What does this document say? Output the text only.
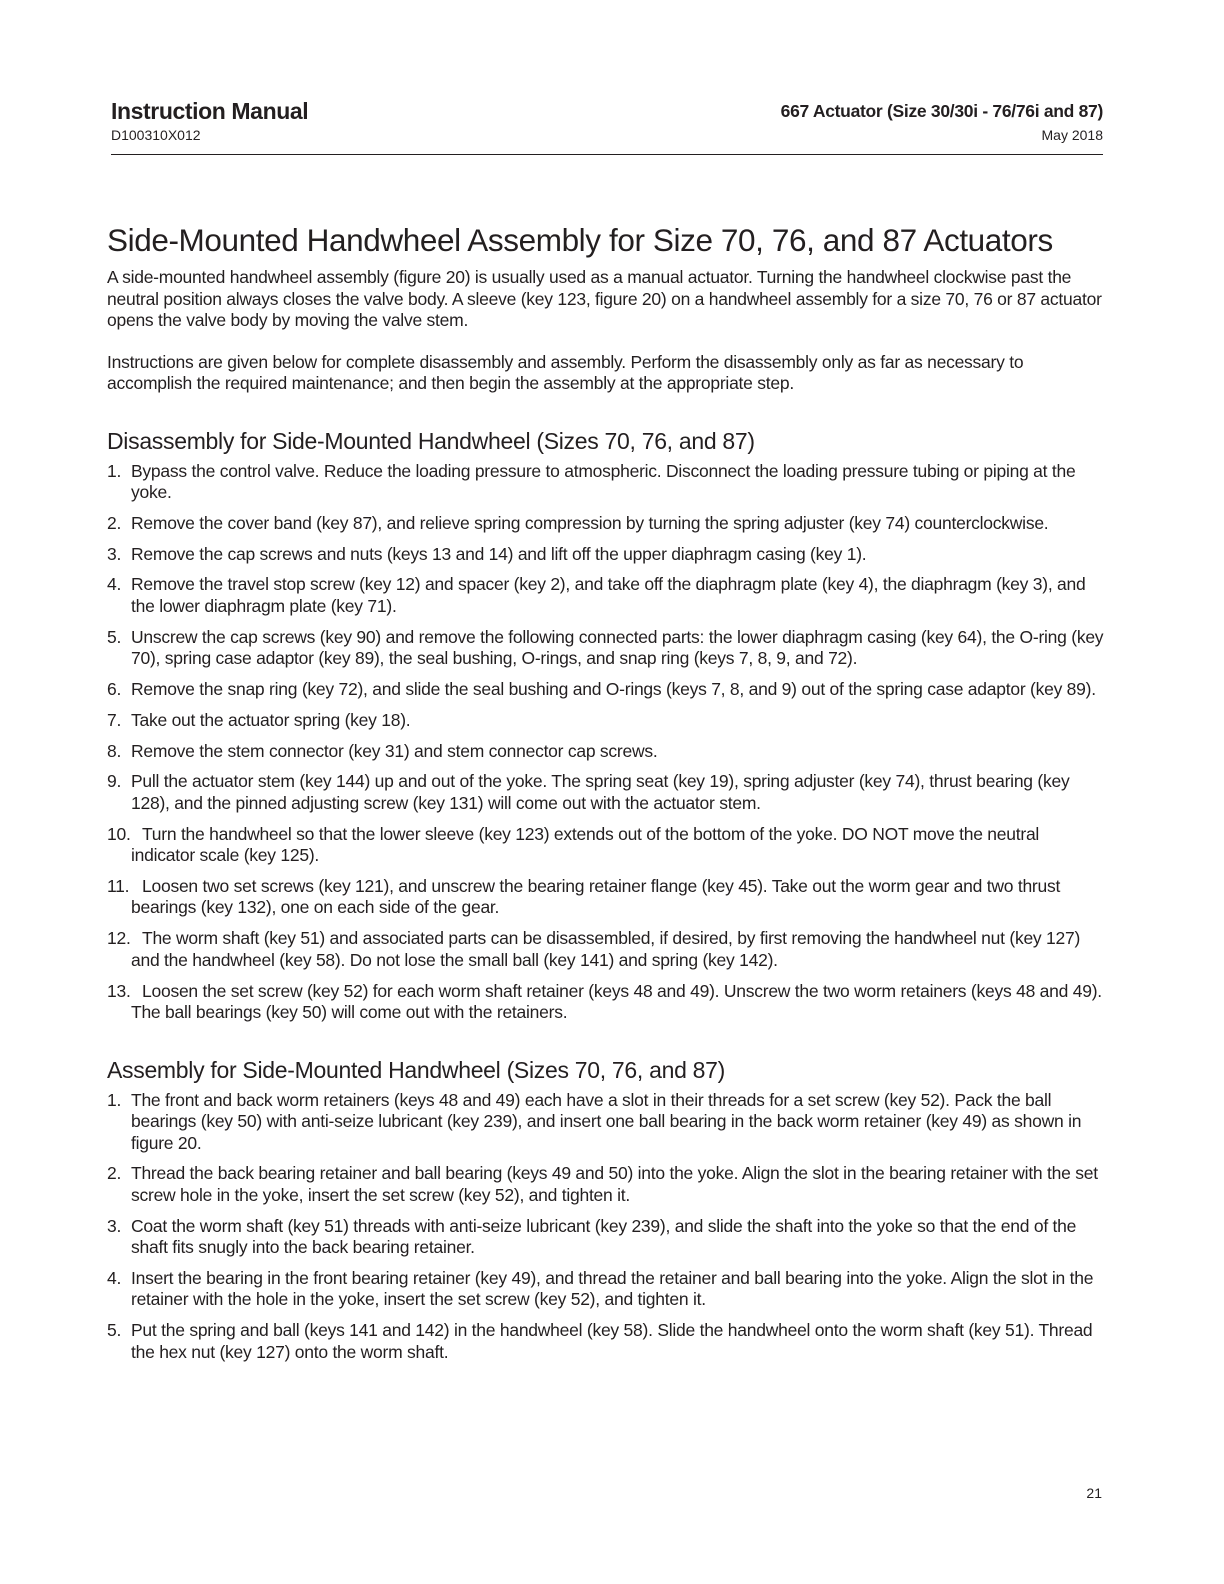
Instruction Manual
D100310X012
667 Actuator (Size 30/30i - 76/76i and 87)
May 2018
Side-Mounted Handwheel Assembly for Size 70, 76, and 87 Actuators

A side-mounted handwheel assembly (figure 20) is usually used as a manual actuator. Turning the handwheel clockwise past the neutral position always closes the valve body. A sleeve (key 123, figure 20) on a handwheel assembly for a size 70, 76 or 87 actuator opens the valve body by moving the valve stem.

Instructions are given below for complete disassembly and assembly. Perform the disassembly only as far as necessary to accomplish the required maintenance; and then begin the assembly at the appropriate step.

Disassembly for Side-Mounted Handwheel (Sizes 70, 76, and 87)
1. Bypass the control valve. Reduce the loading pressure to atmospheric. Disconnect the loading pressure tubing or piping at the yoke.
2. Remove the cover band (key 87), and relieve spring compression by turning the spring adjuster (key 74) counterclockwise.
3. Remove the cap screws and nuts (keys 13 and 14) and lift off the upper diaphragm casing (key 1).
4. Remove the travel stop screw (key 12) and spacer (key 2), and take off the diaphragm plate (key 4), the diaphragm (key 3), and the lower diaphragm plate (key 71).
5. Unscrew the cap screws (key 90) and remove the following connected parts: the lower diaphragm casing (key 64), the O-ring (key 70), spring case adaptor (key 89), the seal bushing, O-rings, and snap ring (keys 7, 8, 9, and 72).
6. Remove the snap ring (key 72), and slide the seal bushing and O-rings (keys 7, 8, and 9) out of the spring case adaptor (key 89).
7. Take out the actuator spring (key 18).
8. Remove the stem connector (key 31) and stem connector cap screws.
9. Pull the actuator stem (key 144) up and out of the yoke. The spring seat (key 19), spring adjuster (key 74), thrust bearing (key 128), and the pinned adjusting screw (key 131) will come out with the actuator stem.
10. Turn the handwheel so that the lower sleeve (key 123) extends out of the bottom of the yoke. DO NOT move the neutral indicator scale (key 125).
11. Loosen two set screws (key 121), and unscrew the bearing retainer flange (key 45). Take out the worm gear and two thrust bearings (key 132), one on each side of the gear.
12. The worm shaft (key 51) and associated parts can be disassembled, if desired, by first removing the handwheel nut (key 127) and the handwheel (key 58). Do not lose the small ball (key 141) and spring (key 142).
13. Loosen the set screw (key 52) for each worm shaft retainer (keys 48 and 49). Unscrew the two worm retainers (keys 48 and 49). The ball bearings (key 50) will come out with the retainers.
Assembly for Side-Mounted Handwheel (Sizes 70, 76, and 87)
1. The front and back worm retainers (keys 48 and 49) each have a slot in their threads for a set screw (key 52). Pack the ball bearings (key 50) with anti-seize lubricant (key 239), and insert one ball bearing in the back worm retainer (key 49) as shown in figure 20.
2. Thread the back bearing retainer and ball bearing (keys 49 and 50) into the yoke. Align the slot in the bearing retainer with the set screw hole in the yoke, insert the set screw (key 52), and tighten it.
3. Coat the worm shaft (key 51) threads with anti-seize lubricant (key 239), and slide the shaft into the yoke so that the end of the shaft fits snugly into the back bearing retainer.
4. Insert the bearing in the front bearing retainer (key 49), and thread the retainer and ball bearing into the yoke. Align the slot in the retainer with the hole in the yoke, insert the set screw (key 52), and tighten it.
5. Put the spring and ball (keys 141 and 142) in the handwheel (key 58). Slide the handwheel onto the worm shaft (key 51). Thread the hex nut (key 127) onto the worm shaft.
21
